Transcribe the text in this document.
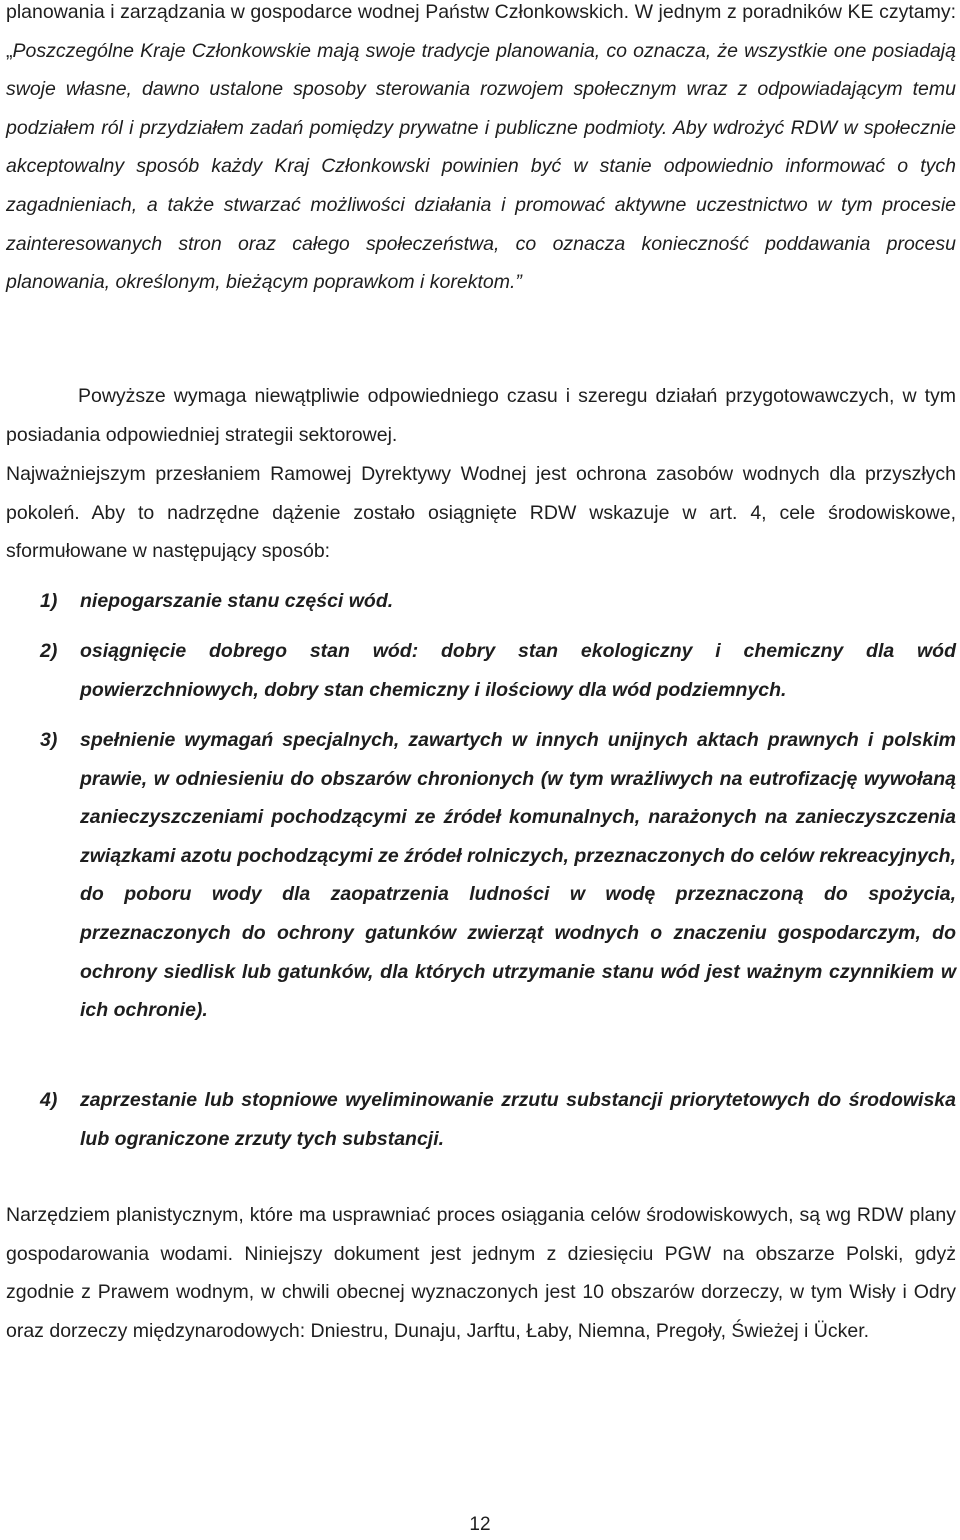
planowania i zarządzania w gospodarce wodnej Państw Członkowskich. W jednym z poradników KE czytamy: „Poszczególne Kraje Członkowskie mają swoje tradycje planowania, co oznacza, że wszystkie one posiadają swoje własne, dawno ustalone sposoby sterowania rozwojem społecznym wraz z odpowiadającym temu podziałem ról i przydziałem zadań pomiędzy prywatne i publiczne podmioty. Aby wdrożyć RDW w społecznie akceptowalny sposób każdy Kraj Członkowski powinien być w stanie odpowiednio informować o tych zagadnieniach, a także stwarzać możliwości działania i promować aktywne uczestnictwo w tym procesie zainteresowanych stron oraz całego społeczeństwa, co oznacza konieczność poddawania procesu planowania, określonym, bieżącym poprawkom i korektom.”

Powyższe wymaga niewątpliwie odpowiedniego czasu i szeregu działań przygotowawczych, w tym posiadania odpowiedniej strategii sektorowej.

Najważniejszym przesłaniem Ramowej Dyrektywy Wodnej jest ochrona zasobów wodnych dla przyszłych pokoleń. Aby to nadrzędne dążenie zostało osiągnięte RDW wskazuje w art. 4, cele środowiskowe, sformułowane w następujący sposób:

1) niepogarszanie stanu części wód.
2) osiągnięcie dobrego stan wód: dobry stan ekologiczny i chemiczny dla wód powierzchniowych, dobry stan chemiczny i ilościowy dla wód podziemnych.
3) spełnienie wymagań specjalnych, zawartych w innych unijnych aktach prawnych i polskim prawie, w odniesieniu do obszarów chronionych (w tym wrażliwych na eutrofizację wywołaną zanieczyszczeniami pochodzącymi ze źródeł komunalnych, narażonych na zanieczyszczenia związkami azotu pochodzącymi ze źródeł rolniczych, przeznaczonych do celów rekreacyjnych, do poboru wody dla zaopatrzenia ludności w wodę przeznaczoną do spożycia, przeznaczonych do ochrony gatunków zwierząt wodnych o znaczeniu gospodarczym, do ochrony siedlisk lub gatunków, dla których utrzymanie stanu wód jest ważnym czynnikiem w ich ochronie).
4) zaprzestanie lub stopniowe wyeliminowanie zrzutu substancji priorytetowych do środowiska lub ograniczone zrzuty tych substancji.

Narzędziem planistycznym, które ma usprawniać proces osiągania celów środowiskowych, są wg RDW plany gospodarowania wodami. Niniejszy dokument jest jednym z dziesięciu PGW na obszarze Polski, gdyż zgodnie z Prawem wodnym, w chwili obecnej wyznaczonych jest 10 obszarów dorzeczy, w tym Wisły i Odry oraz dorzeczy międzynarodowych: Dniestru, Dunaju, Jarftu, Łaby, Niemna, Pregoły, Świeżej i Ücker.

12
